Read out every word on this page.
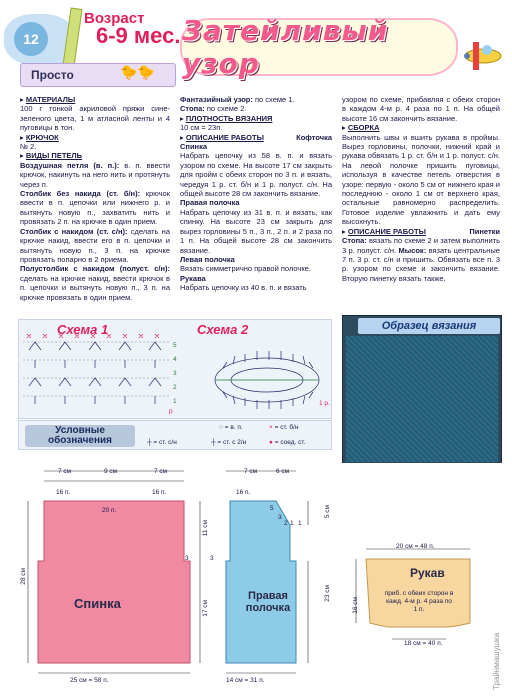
12
Возраст
6-9 мес.
Просто	🐤🐤
Затейливый узор

▸ МАТЕРИАЛЫ

100 г тонкой акриловой пряжи сине-зеленого цвета, 1 м атласной ленты и 4 пуговицы в тон.

▸ КРЮЧОК

№ 2.

▸ ВИДЫ ПЕТЕЛЬ

Воздушная петля (в. п.): в. п. ввести крючок, накинуть на него нить и протянуть через п.

Столбик без накида (ст. б/н): крючок ввести в п. цепочки или нижнего р. и вытянуть новую п., захватить нить и провязать 2 п. на крючке в один прием.

Столбик с накидом (ст. с/н): сделать на крючке накид, ввести его в п. цепочки и вытянуть новую п., 3 п. на крючке провязать попарно в 2 приема.

Полустолбик с накидом (полуст. с/н): сделать на крючке накид, ввести крючок в п. цепочки и вытянуть новую п., 3 п. на крючке провязать в один прием.

Фантазийный узор: по схеме 1.

Стопа: по схеме 2.

▸ ПЛОТНОСТЬ ВЯЗАНИЯ

10 см = 23п.

▸ ОПИСАНИЕ РАБОТЫ	Кофточка

Спинка

Набрать цепочку из 58 в. п. и вязать узором по схеме. На высоте 17 см закрыть для пройм с обеих сторон по 3 п. и вязать, чередуя 1 р. ст. б/н и 1 р. полуст. с/н. На общей высоте 28 см закончить вязание.

Правая полочка

Набрать цепочку из 31 в. п. и вязать, как спинку. На высоте 23 см закрыть для вырез горловины 5 п., 3 п., 2 п. и 2 раза по 1 п. На общей высоте 28 см закончить вязание.

Левая полочка

Вязать симметрично правой полочке.

Рукава

Набрать цепочку из 40 в. п. и вязать

узором по схеме, прибавляя с обеих сторон в каждом 4-м р. 4 раза по 1 п. На общей высоте 16 см закончить вязание.

▸ СБОРКА

Выполнить швы и вшить рукава в проймы. Вырез горловины, полочки, нижний край и рукава обвязать 1 р. ст. б/н и 1 р. полуст. с/н. На левой полочке пришить пуговицы, используя в качестве петель отверстия в узоре: первую - около 5 см от нижнего края и последнюю - около 1 см от верхнего края, остальные равномерно распределить. Готовое изделие увлажнить и дать ему высохнуть.

▸ ОПИСАНИЕ РАБОТЫ	Пинетки

Стопа: вязать по схеме 2 и затем выполнить 3 р. полуст. с/н. Мысок: вязать центральные 7 п. 3 р. ст. с/н и пришить. Обвязать все п. 3 р. узором по схеме и закончить вязание. Вторую пинетку вязать также.

Схема 1	Схема 2
5
4
3
2
1	1 р.
р
Условные обозначения
○ = в. п.	× = ст. б/н
┼ = ст. с/н	┼ = ст. с 2/н	● = соед. ст.
Образец вязания
7 см	9 см	7 см
16 п.	16 п.
20 п.
28 см
11 см
17 см
3
Спинка
25 см = 58 п.
7 см	6 см
16 п.
5
3
2 1 1
5 см
23 см
3
Правая
полочка
14 см = 31 п.
20 см = 48 п.
16 см
Рукав
приб. с обеих сторон в кажд. 4-м р. 4 раза по 1 п.
18 см = 40 п.	Трайнмашушка
